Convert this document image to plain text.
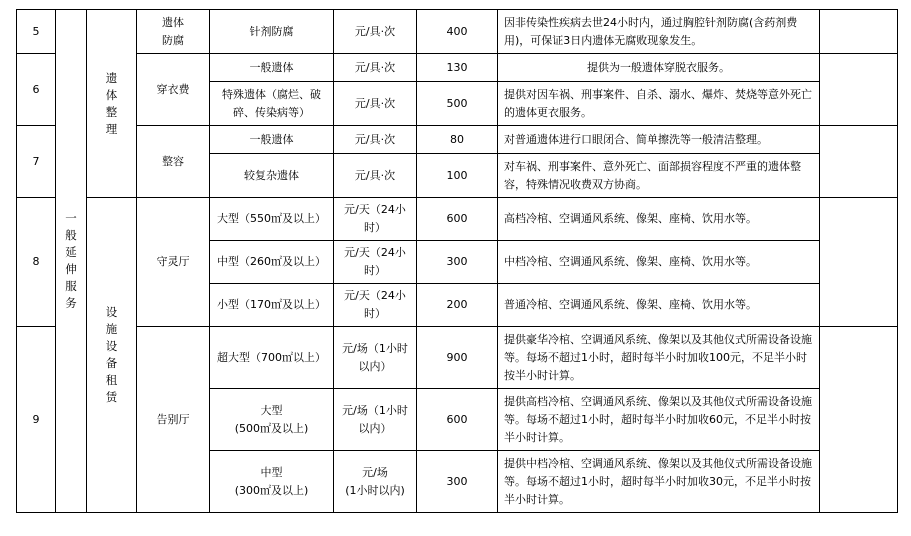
5	一般延伸服务	遗体整理	遗体
防腐	针剂防腐	元/具·次	400	因非传染性疾病去世24小时内，通过胸腔针剂防腐(含药剂费用)，可保证3日内遗体无腐败现象发生。	
6			穿衣费	一般遗体	元/具·次	130	提供为一般遗体穿脱衣服务。	
				特殊遗体（腐烂、破碎、传染病等）	元/具·次	500	提供对因车祸、刑事案件、自杀、溺水、爆炸、焚烧等意外死亡的遗体更衣服务。	
7			整容	一般遗体	元/具·次	80	对普通遗体进行口眼闭合、简单擦洗等一般清洁整理。	
				较复杂遗体	元/具·次	100	对车祸、刑事案件、意外死亡、面部损容程度不严重的遗体整容，特殊情况收费双方协商。	
8		设施设备租赁	守灵厅	大型（550㎡及以上）	元/天（24小时）	600	高档冷棺、空调通风系统、像架、座椅、饮用水等。	
				中型（260㎡及以上）	元/天（24小时）	300	中档冷棺、空调通风系统、像架、座椅、饮用水等。	
				小型（170㎡及以上）	元/天（24小时）	200	普通冷棺、空调通风系统、像架、座椅、饮用水等。	
9			告别厅	超大型（700㎡以上）	元/场（1小时以内）	900	提供豪华冷棺、空调通风系统、像架以及其他仪式所需设备设施等。每场不超过1小时，超时每半小时加收100元，不足半小时按半小时计算。	
				大型
(500㎡及以上)	元/场（1小时以内）	600	提供高档冷棺、空调通风系统、像架以及其他仪式所需设备设施等。每场不超过1小时，超时每半小时加收60元，不足半小时按半小时计算。	
				中型
(300㎡及以上)	元/场
(1小时以内)	300	提供中档冷棺、空调通风系统、像架以及其他仪式所需设备设施等。每场不超过1小时，超时每半小时加收30元，不足半小时按半小时计算。	
